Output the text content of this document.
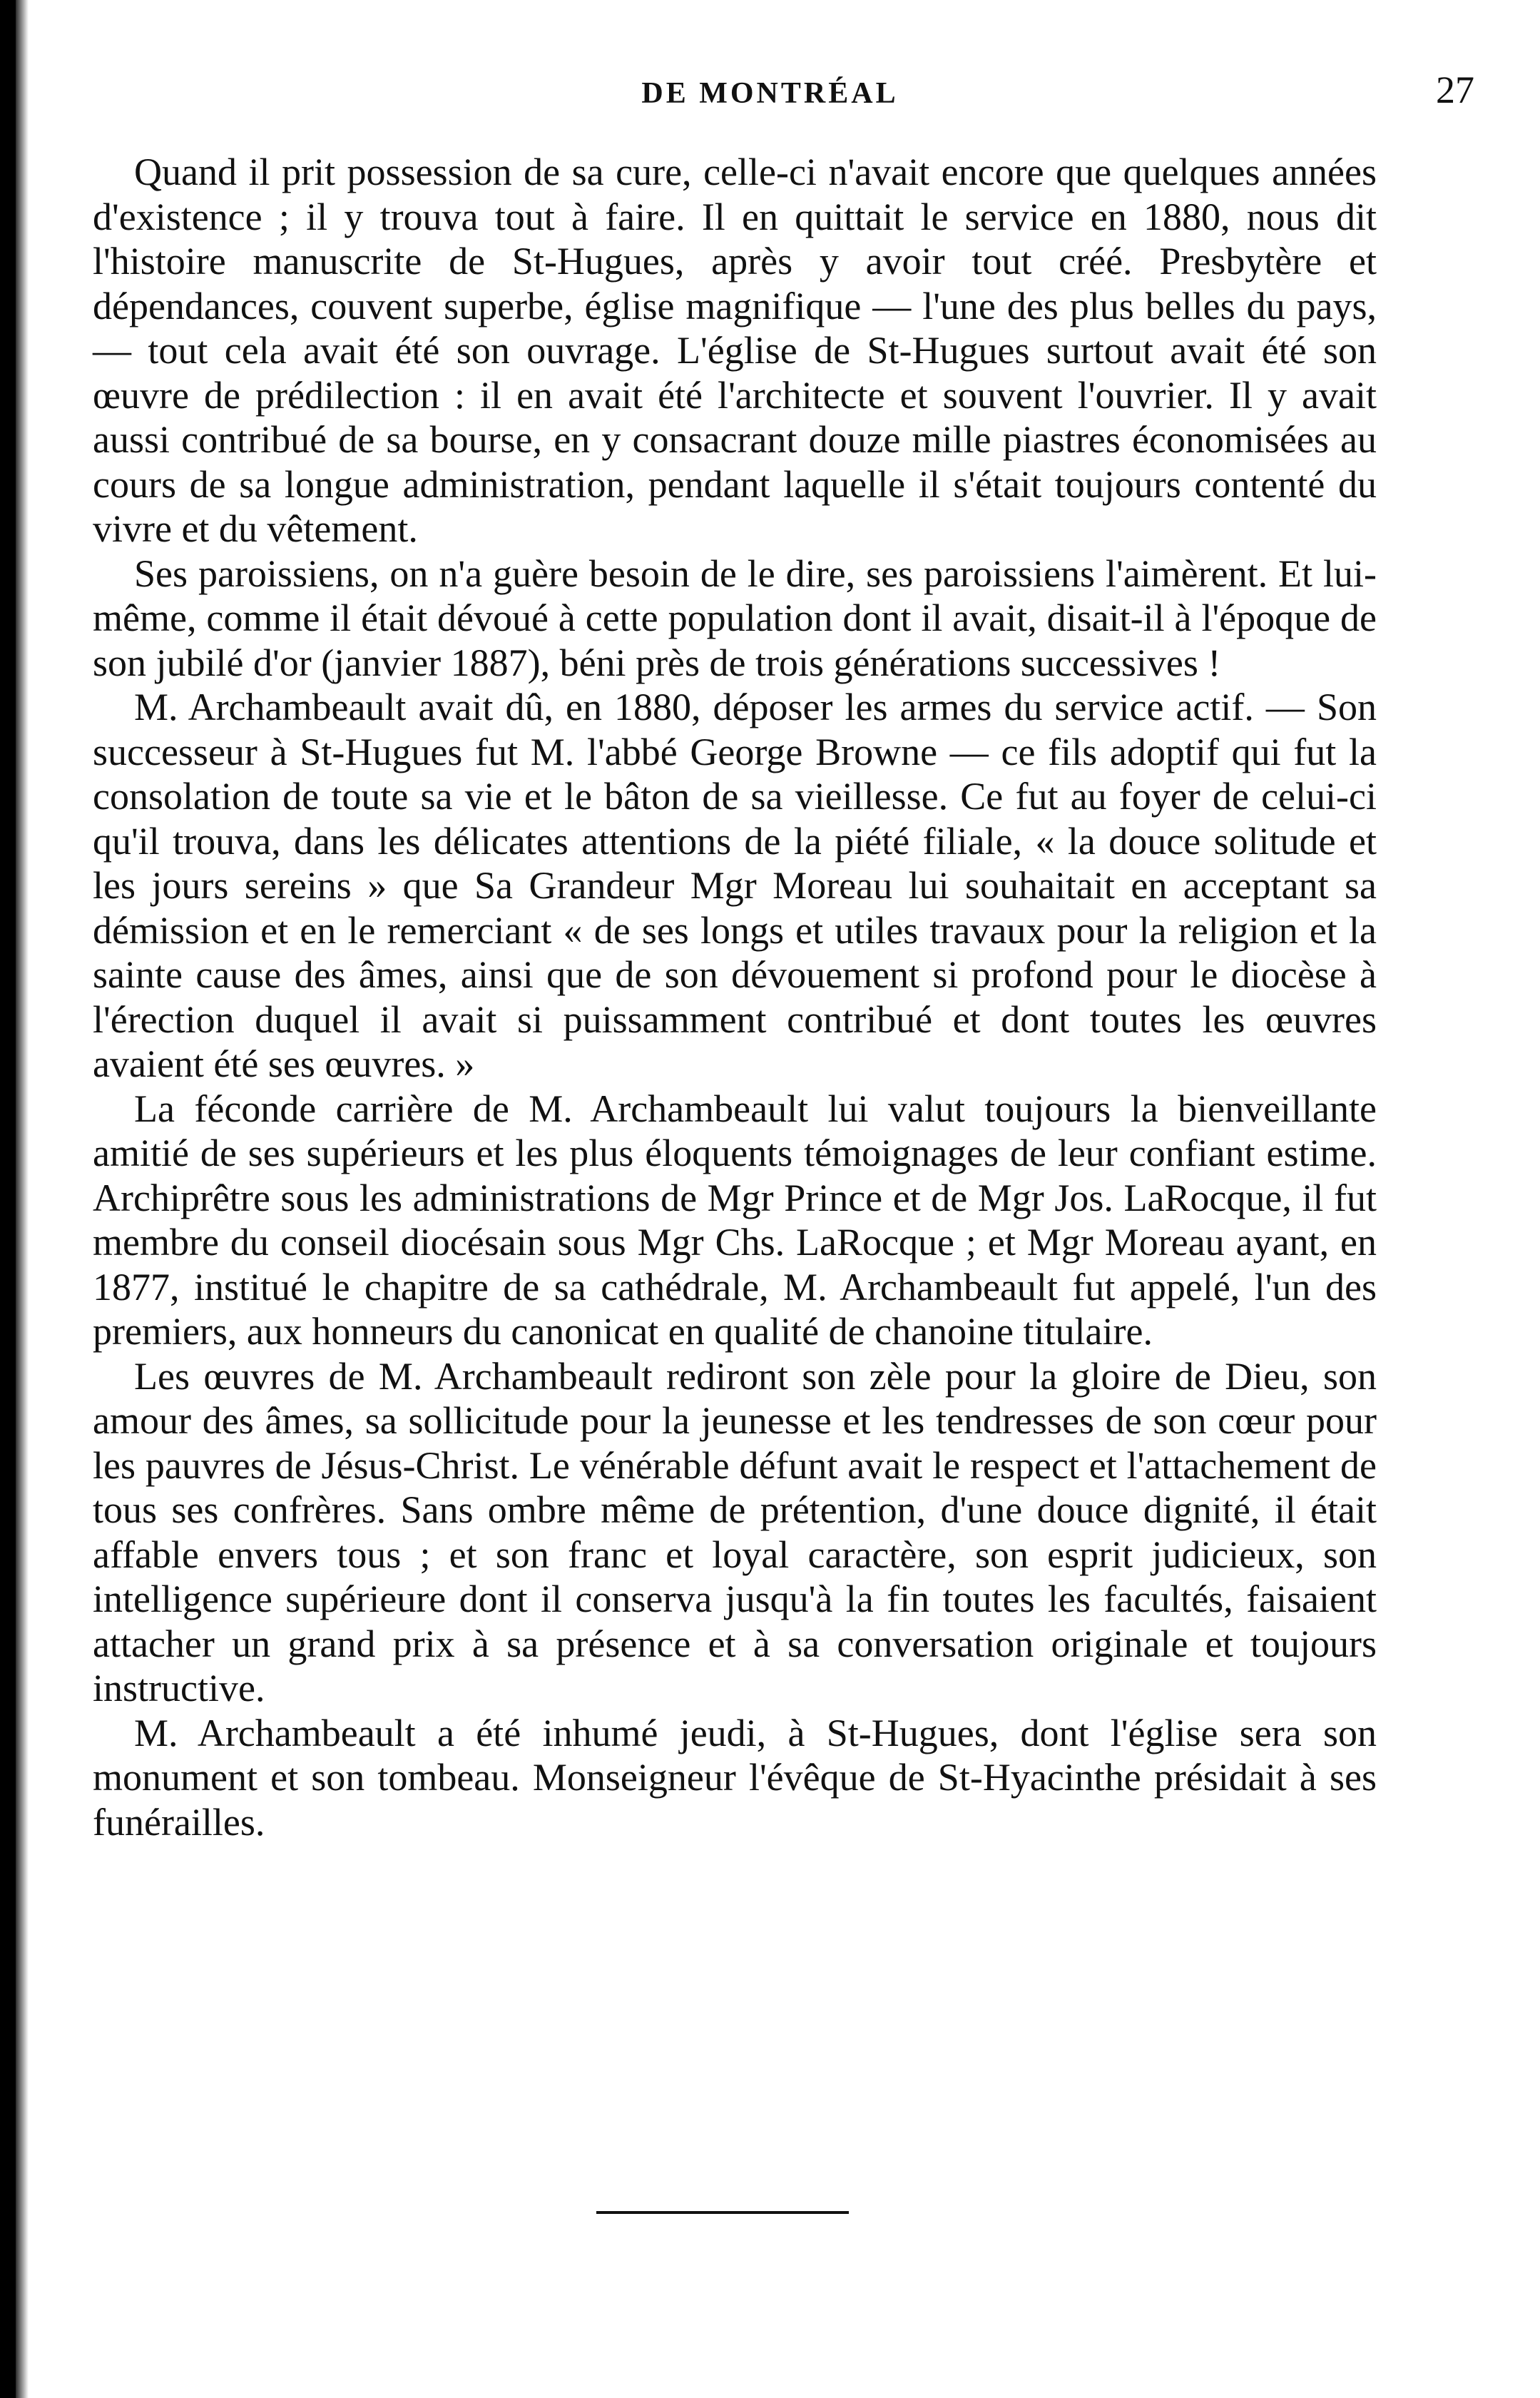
DE MONTRÉAL	27

Quand il prit possession de sa cure, celle-ci n'avait encore que quelques années d'existence ; il y trouva tout à faire. Il en quittait le service en 1880, nous dit l'histoire manuscrite de St-Hugues, après y avoir tout créé. Presbytère et dépendances, couvent superbe, église magnifique — l'une des plus belles du pays, — tout cela avait été son ouvrage. L'église de St-Hugues surtout avait été son œuvre de prédilection : il en avait été l'architecte et souvent l'ouvrier. Il y avait aussi contribué de sa bourse, en y consacrant douze mille piastres économisées au cours de sa longue administration, pendant laquelle il s'était toujours contenté du vivre et du vêtement.

Ses paroissiens, on n'a guère besoin de le dire, ses paroissiens l'aimèrent. Et lui-même, comme il était dévoué à cette population dont il avait, disait-il à l'époque de son jubilé d'or (janvier 1887), béni près de trois générations successives !

M. Archambeault avait dû, en 1880, déposer les armes du service actif. — Son successeur à St-Hugues fut M. l'abbé George Browne — ce fils adoptif qui fut la consolation de toute sa vie et le bâton de sa vieillesse. Ce fut au foyer de celui-ci qu'il trouva, dans les délicates attentions de la piété filiale, « la douce solitude et les jours sereins » que Sa Grandeur Mgr Moreau lui souhaitait en acceptant sa démission et en le remerciant « de ses longs et utiles travaux pour la religion et la sainte cause des âmes, ainsi que de son dévouement si profond pour le diocèse à l'érection duquel il avait si puissamment contribué et dont toutes les œuvres avaient été ses œuvres. »

La féconde carrière de M. Archambeault lui valut toujours la bienveillante amitié de ses supérieurs et les plus éloquents témoignages de leur confiant estime. Archiprêtre sous les administrations de Mgr Prince et de Mgr Jos. LaRocque, il fut membre du conseil diocésain sous Mgr Chs. LaRocque ; et Mgr Moreau ayant, en 1877, institué le chapitre de sa cathédrale, M. Archambeault fut appelé, l'un des premiers, aux honneurs du canonicat en qualité de chanoine titulaire.

Les œuvres de M. Archambeault rediront son zèle pour la gloire de Dieu, son amour des âmes, sa sollicitude pour la jeunesse et les tendresses de son cœur pour les pauvres de Jésus-Christ. Le vénérable défunt avait le respect et l'attachement de tous ses confrères. Sans ombre même de prétention, d'une douce dignité, il était affable envers tous ; et son franc et loyal caractère, son esprit judicieux, son intelligence supérieure dont il conserva jusqu'à la fin toutes les facultés, faisaient attacher un grand prix à sa présence et à sa conversation originale et toujours instructive.

M. Archambeault a été inhumé jeudi, à St-Hugues, dont l'église sera son monument et son tombeau. Monseigneur l'évêque de St-Hyacinthe présidait à ses funérailles.
